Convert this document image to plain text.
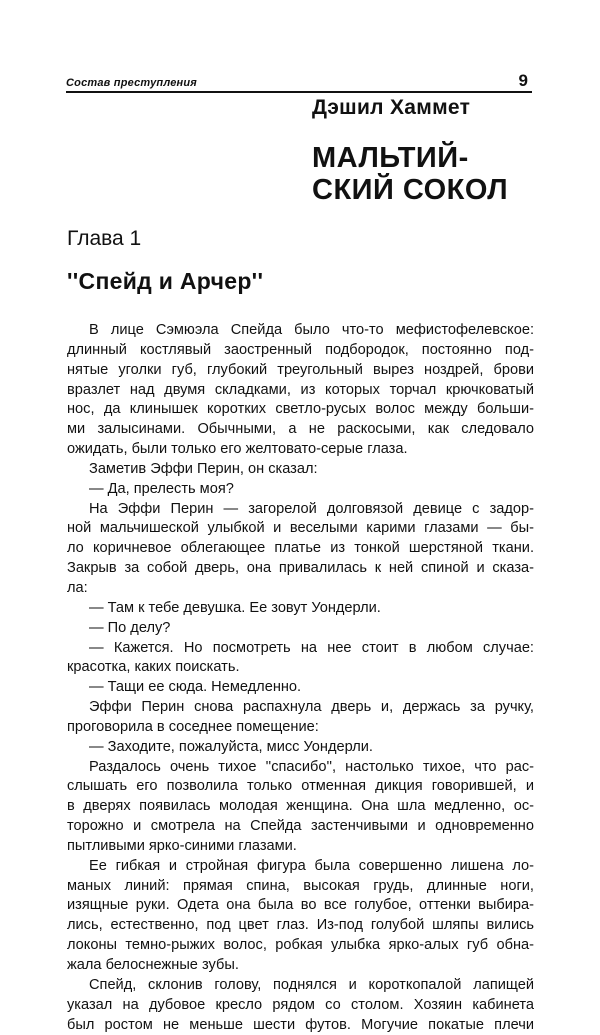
Состав преступления	9
Дэшил Хаммет
МАЛЬТИЙ-
СКИЙ СОКОЛ
Глава 1
''Спейд и Арчер''
В лице Сэмюэла Спейда было что-то мефистофелевское:
длинный костлявый заостренный подбородок, постоянно под-
нятые уголки губ, глубокий треугольный вырез ноздрей, брови
вразлет над двумя складками, из которых торчал крючковатый
нос, да клинышек коротких светло-русых волос между больши-
ми залысинами. Обычными, а не раскосыми, как следовало
ожидать, были только его желтовато-серые глаза.
Заметив Эффи Перин, он сказал:
— Да, прелесть моя?
На Эффи Перин — загорелой долговязой девице с задор-
ной мальчишеской улыбкой и веселыми карими глазами — бы-
ло коричневое облегающее платье из тонкой шерстяной ткани.
Закрыв за собой дверь, она привалилась к ней спиной и сказа-
ла:
— Там к тебе девушка. Ее зовут Уондерли.
— По делу?
— Кажется. Но посмотреть на нее стоит в любом случае:
красотка, каких поискать.
— Тащи ее сюда. Немедленно.
Эффи Перин снова распахнула дверь и, держась за ручку,
проговорила в соседнее помещение:
— Заходите, пожалуйста, мисс Уондерли.
Раздалось очень тихое ''спасибо'', настолько тихое, что рас-
слышать его позволила только отменная дикция говорившей, и
в дверях появилась молодая женщина. Она шла медленно, ос-
торожно и смотрела на Спейда застенчивыми и одновременно
пытливыми ярко-синими глазами.
Ее гибкая и стройная фигура была совершенно лишена ло-
маных линий: прямая спина, высокая грудь, длинные ноги,
изящные руки. Одета она была во все голубое, оттенки выбира-
лись, естественно, под цвет глаз. Из-под голубой шляпы вились
локоны темно-рыжих волос, робкая улыбка ярко-алых губ обна-
жала белоснежные зубы.
Спейд, склонив голову, поднялся и короткопалой лапищей
указал на дубовое кресло рядом со столом. Хозяин кабинета
был ростом не меньше шести футов. Могучие покатые плечи
